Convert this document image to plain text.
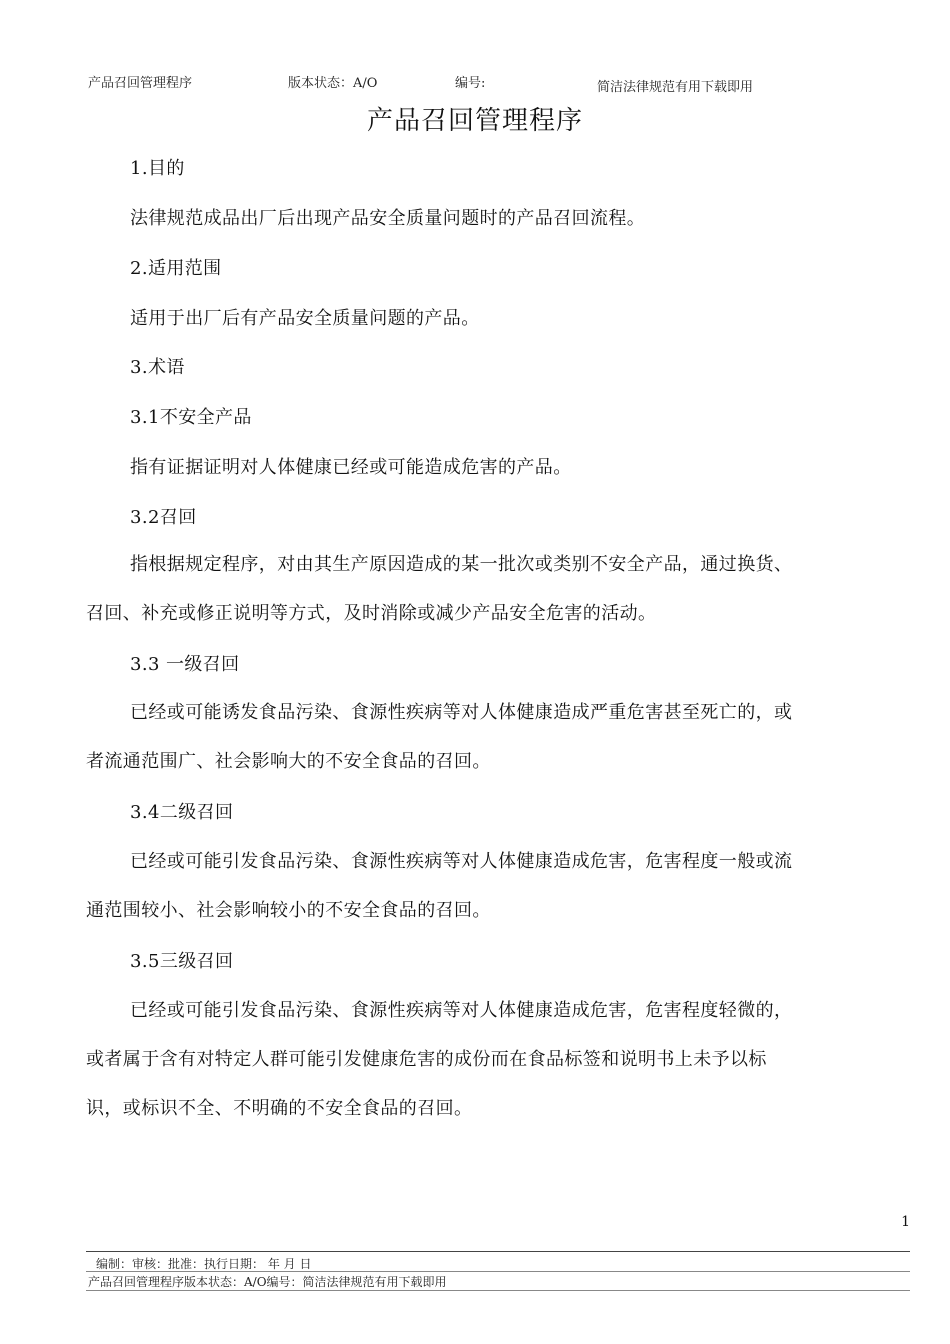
产品召回管理程序	版本状态：A/O	编号:	简洁法律规范有用下载即用
产品召回管理程序
1.目的
法律规范成品出厂后出现产品安全质量问题时的产品召回流程。
2.适用范围
适用于出厂后有产品安全质量问题的产品。
3.术语
3.1不安全产品
指有证据证明对人体健康已经或可能造成危害的产品。
3.2召回
指根据规定程序，对由其生产原因造成的某一批次或类别不安全产品，通过换货、
召回、补充或修正说明等方式，及时消除或减少产品安全危害的活动。
3.3 一级召回
已经或可能诱发食品污染、食源性疾病等对人体健康造成严重危害甚至死亡的，或
者流通范围广、社会影响大的不安全食品的召回。
3.4二级召回
已经或可能引发食品污染、食源性疾病等对人体健康造成危害，危害程度一般或流
通范围较小、社会影响较小的不安全食品的召回。
3.5三级召回
已经或可能引发食品污染、食源性疾病等对人体健康造成危害，危害程度轻微的，
或者属于含有对特定人群可能引发健康危害的成份而在食品标签和说明书上未予以标
识，或标识不全、不明确的不安全食品的召回。
1
编制：审核：批准：执行日期： 年 月 日
产品召回管理程序版本状态：A/O编号：简洁法律规范有用下载即用
